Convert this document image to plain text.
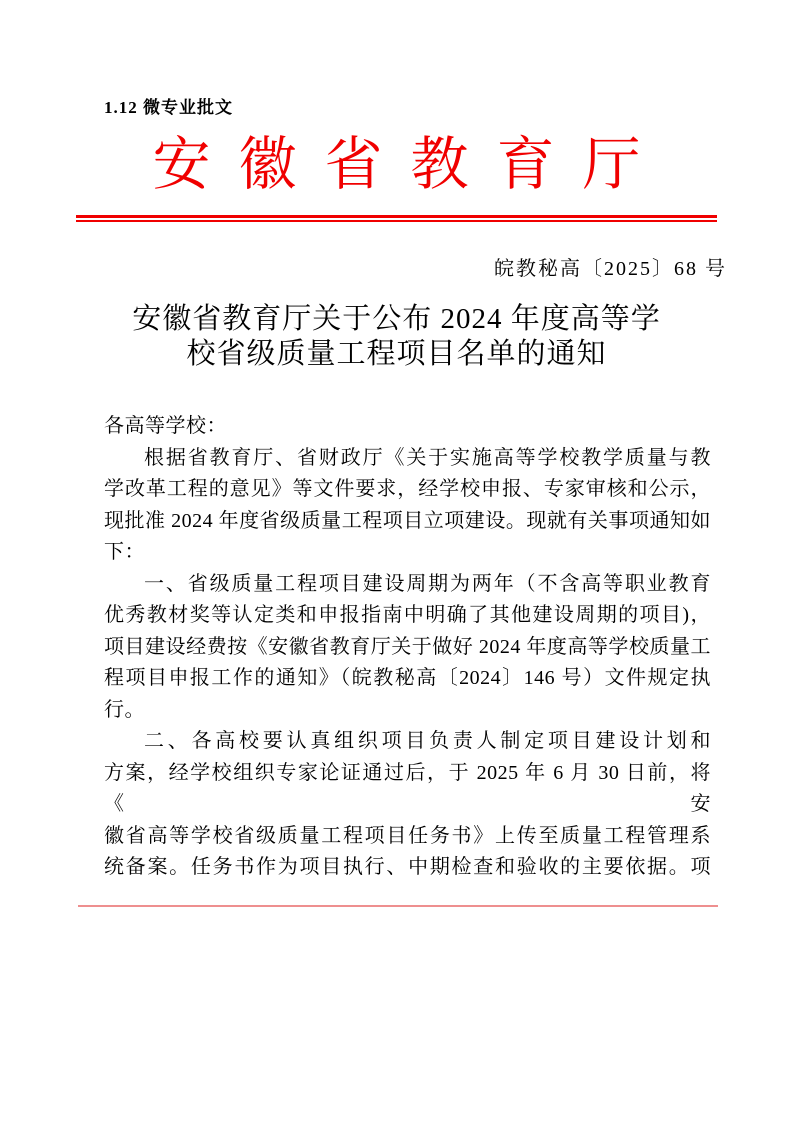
1.12 微专业批文
安徽省教育厅
皖教秘高〔2025〕68 号
安徽省教育厅关于公布 2024 年度高等学
校省级质量工程项目名单的通知
各高等学校：
根据省教育厅、省财政厅《关于实施高等学校教学质量与教
学改革工程的意见》等文件要求，经学校申报、专家审核和公示，
现批准 2024 年度省级质量工程项目立项建设。现就有关事项通知如
下：
一、省级质量工程项目建设周期为两年（不含高等职业教育
优秀教材奖等认定类和申报指南中明确了其他建设周期的项目)，
项目建设经费按《安徽省教育厅关于做好 2024 年度高等学校质量工
程项目申报工作的通知》（皖教秘高〔2024〕146 号）文件规定执
行。
二、各高校要认真组织项目负责人制定项目建设计划和
方案，经学校组织专家论证通过后，于 2025 年 6 月 30 日前，将《安
徽省高等学校省级质量工程项目任务书》上传至质量工程管理系
统备案。任务书作为项目执行、中期检查和验收的主要依据。项
